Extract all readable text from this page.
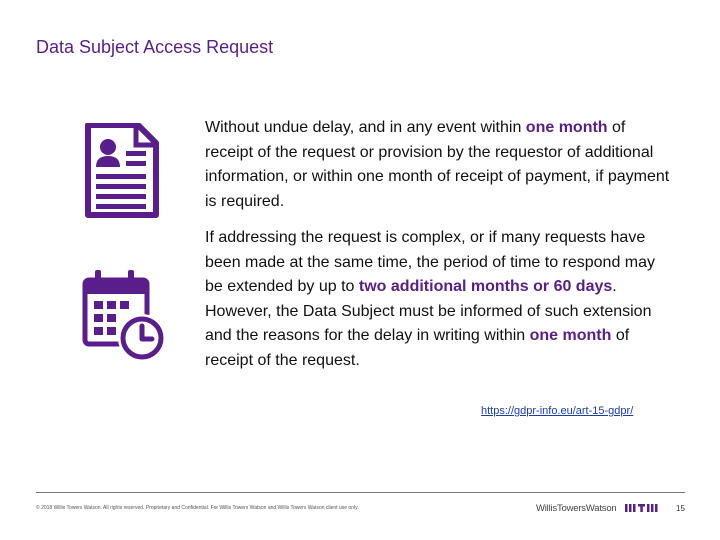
Data Subject Access Request
Without undue delay, and in any event within one month of receipt of the request or provision by the requestor of additional information, or within one month of receipt of payment, if payment is required.
If addressing the request is complex, or if many requests have been made at the same time, the period of time to respond may be extended by up to two additional months or 60 days. However, the Data Subject must be informed of such extension and the reasons for the delay in writing within one month of receipt of the request.
https://gdpr-info.eu/art-15-gdpr/
© 2018 Willis Towers Watson. All rights reserved. Proprietary and Confidential. For Willis Towers Watson and Willis Towers Watson client use only.	WillisTowersWatson	15
